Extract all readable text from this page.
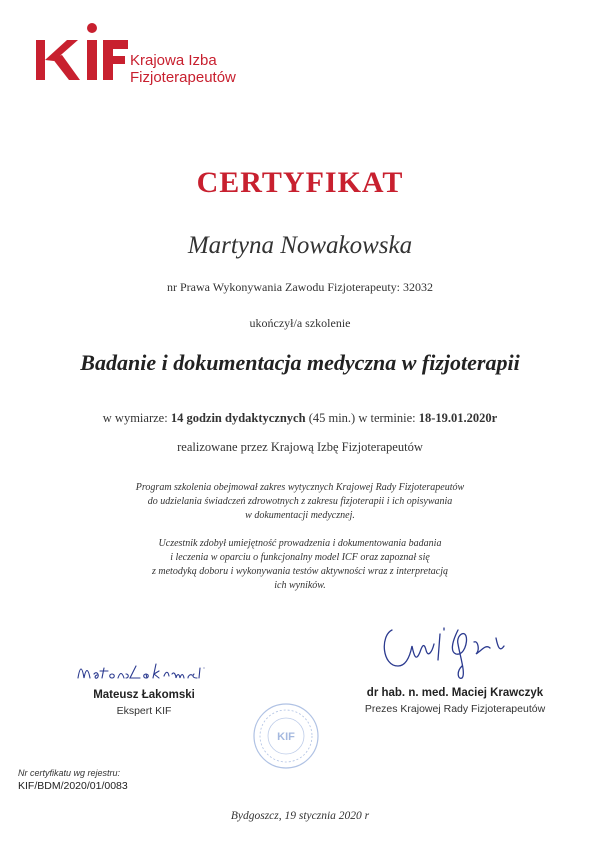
Krajowa Izba
Fizjoterapeutów
CERTYFIKAT
Martyna Nowakowska
nr Prawa Wykonywania Zawodu Fizjoterapeuty: 32032
ukończył/a szkolenie
Badanie i dokumentacja medyczna w fizjoterapii
w wymiarze: 14 godzin dydaktycznych (45 min.) w terminie: 18-19.01.2020r
realizowane przez Krajową Izbę Fizjoterapeutów
Program szkolenia obejmował zakres wytycznych Krajowej Rady Fizjoterapeutów
do udzielania świadczeń zdrowotnych z zakresu fizjoterapii i ich opisywania
w dokumentacji medycznej.
Uczestnik zdobył umiejętność prowadzenia i dokumentowania badania
i leczenia w oparciu o funkcjonalny model ICF oraz zapoznał się
z metodyką doboru i wykonywania testów aktywności wraz z interpretacją
ich wyników.
Mateusz Łakomski
Ekspert KIF
dr hab. n. med. Maciej Krawczyk
Prezes Krajowej Rady Fizjoterapeutów
KIF
Nr certyfikatu wg rejestru:
KIF/BDM/2020/01/0083
Bydgoszcz, 19 stycznia 2020 r
